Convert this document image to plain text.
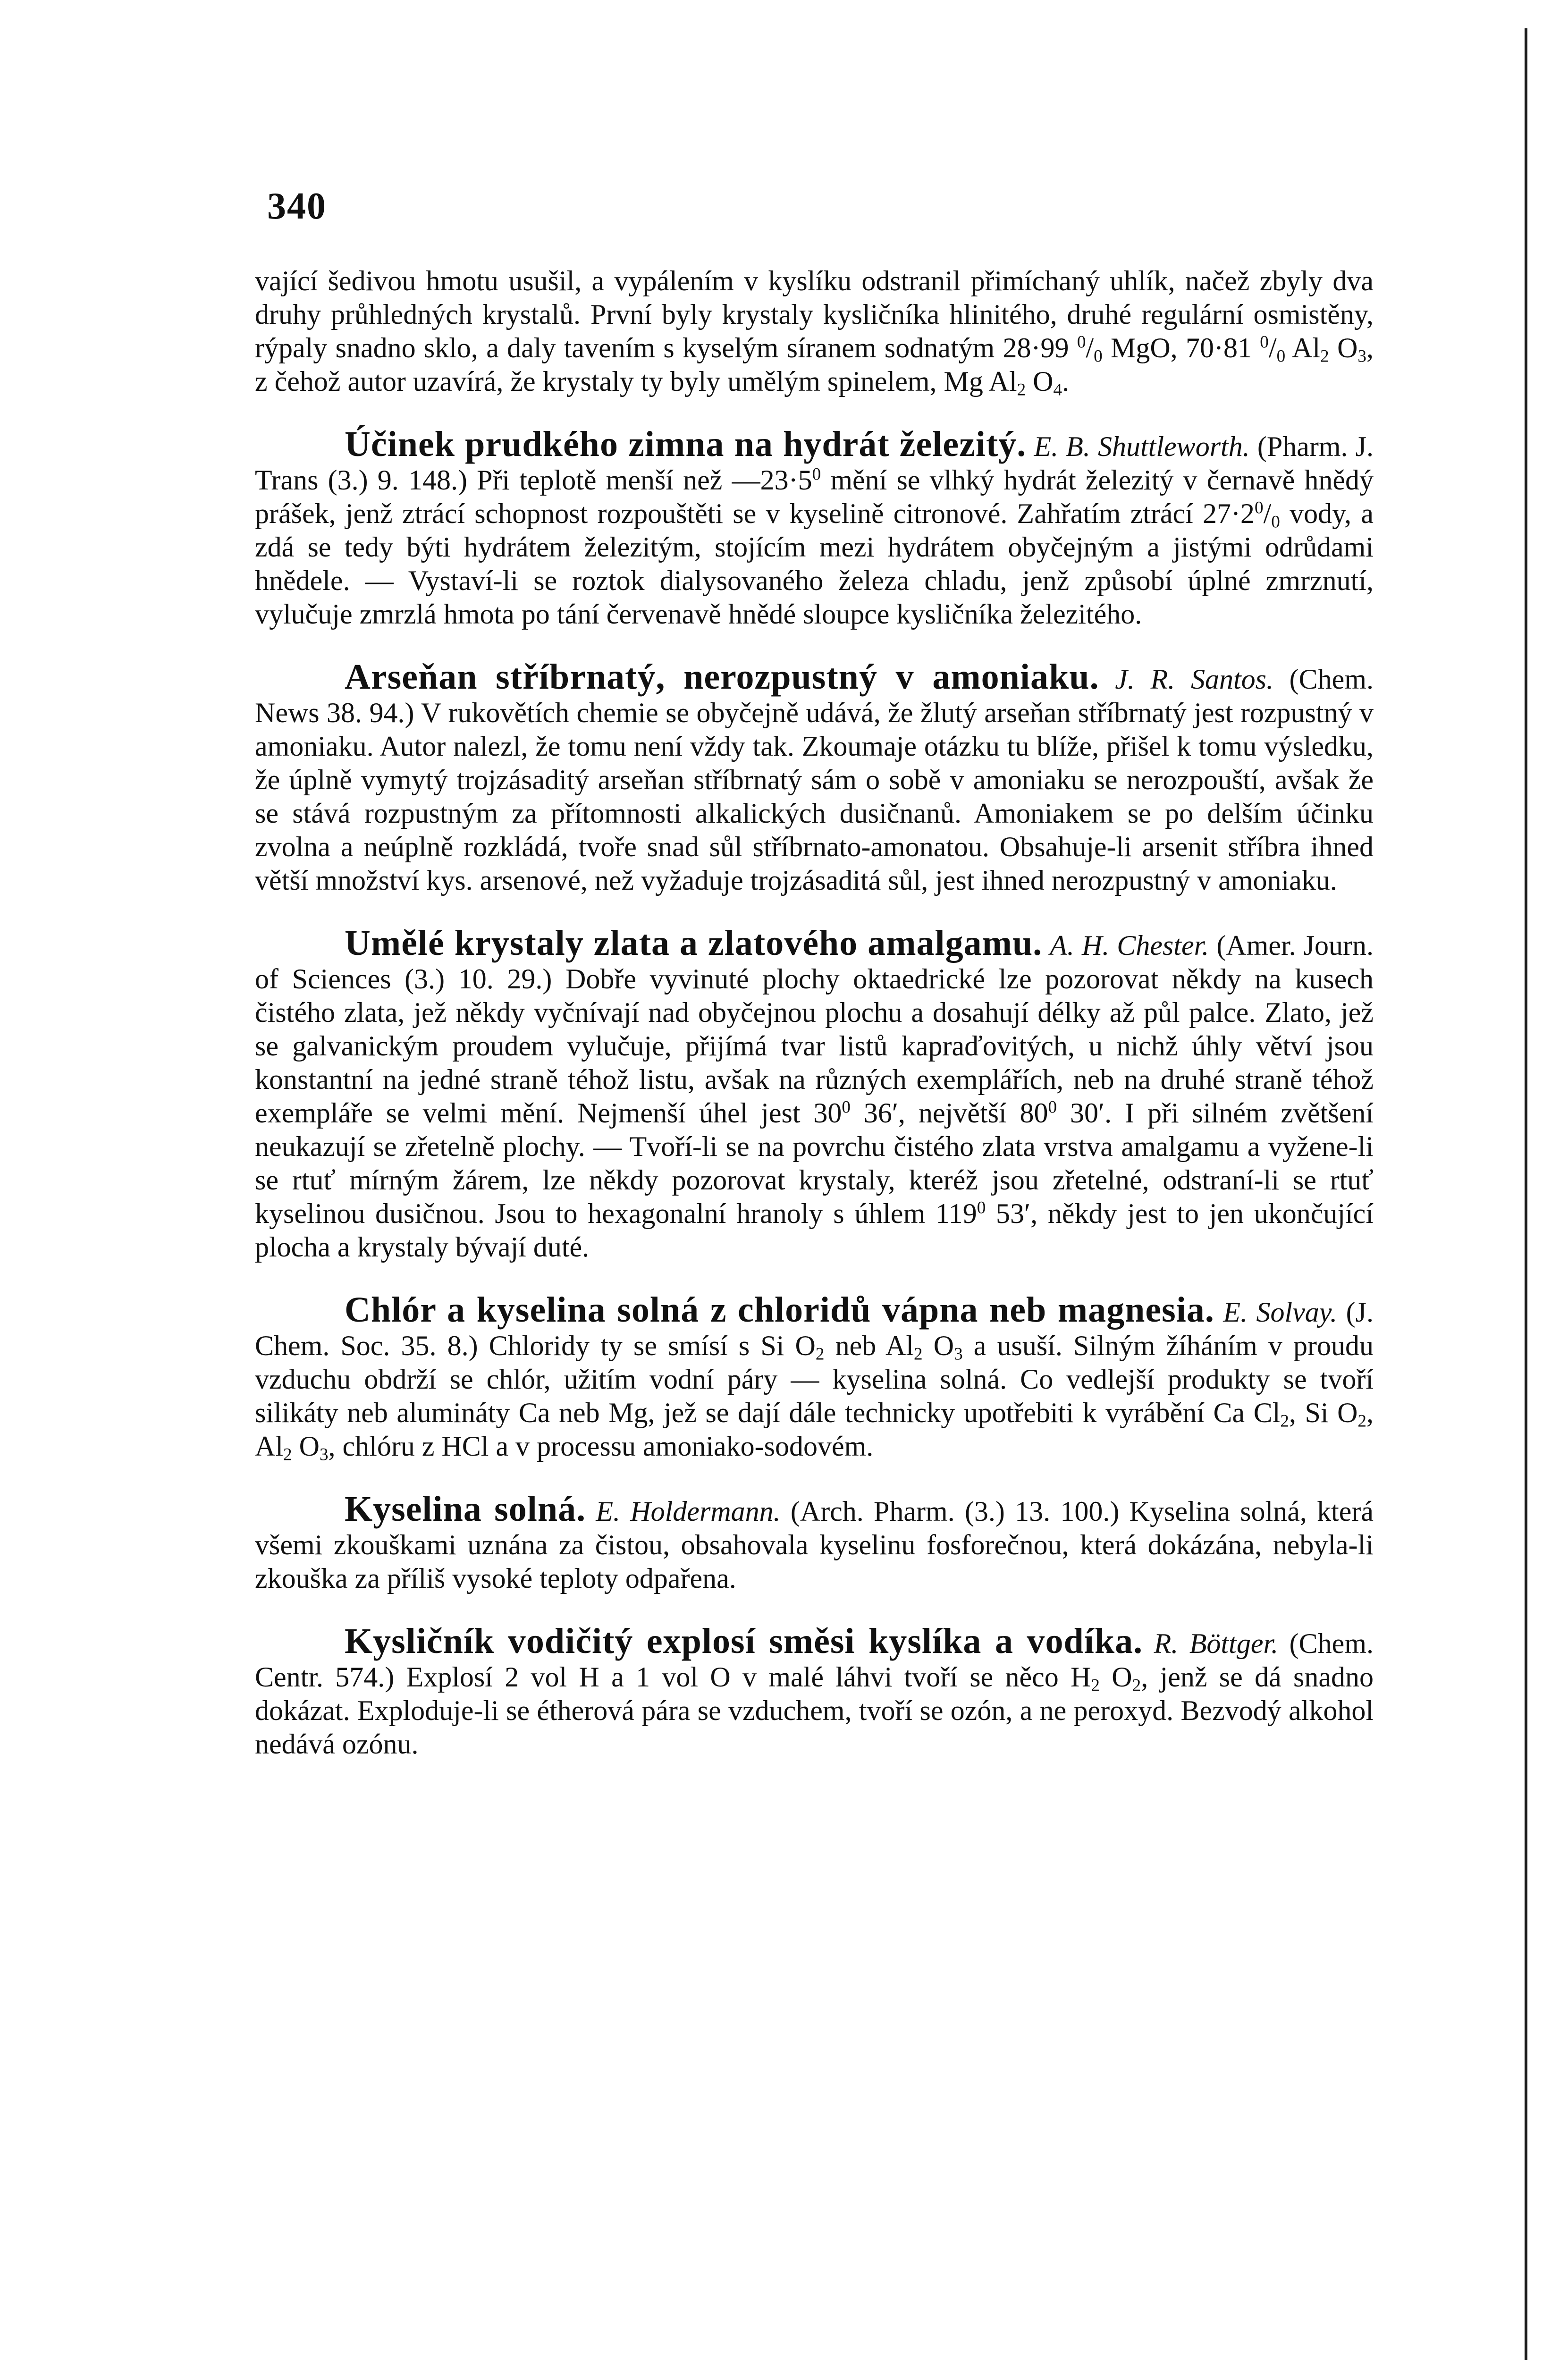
340

vající šedivou hmotu usušil, a vypálením v kyslíku odstranil přimíchaný uhlík, načež zbyly dva druhy průhledných krystalů. První byly krystaly kysličníka hlinitého, druhé regulární osmistěny, rýpaly snadno sklo, a daly tavením s kyselým síranem sodnatým 28·99 $^0/_0$ MgO, 70·81 $^0/_0$ $Al_2$ $O_3$, z čehož autor uzavírá, že krystaly ty byly umělým spinelem, Mg $Al_2$ $O_4$.

Účinek prudkého zimna na hydrát železitý. E. B. Shuttleworth. (Pharm. J. Trans (3.) 9. 148.) Při teplotě menší než $—23\cdot 5^0$ mění se vlhký hydrát železitý v černavě hnědý prášek, jenž ztrácí schopnost rozpouštěti se v kyselině citronové. Zahřatím ztrácí $27\cdot 2^0/_0$ vody, a zdá se tedy býti hydrátem železitým, stojícím mezi hydrátem obyčejným a jistými odrůdami hnědele. — Vystaví-li se roztok dialysovaného železa chladu, jenž způsobí úplné zmrznutí, vylučuje zmrzlá hmota po tání červenavě hnědé sloupce kysličníka železitého.

Arseňan stříbrnatý, nerozpustný v amoniaku. J. R. Santos. (Chem. News 38. 94.) V rukovětích chemie se obyčejně udává, že žlutý arseňan stříbrnatý jest rozpustný v amoniaku. Autor nalezl, že tomu není vždy tak. Zkoumaje otázku tu blíže, přišel k tomu výsledku, že úplně vymytý trojzásaditý arseňan stříbrnatý sám o sobě v amoniaku se nerozpouští, avšak že se stává rozpustným za přítomnosti alkalických dusičnanů. Amoniakem se po delším účinku zvolna a neúplně rozkládá, tvoře snad sůl stříbrnato-amonatou. Obsahuje-li arsenit stříbra ihned větší množství kys. arsenové, než vyžaduje trojzásaditá sůl, jest ihned nerozpustný v amoniaku.

Umělé krystaly zlata a zlatového amalgamu. A. H. Chester. (Amer. Journ. of Sciences (3.) 10. 29.) Dobře vyvinuté plochy oktaedrické lze pozorovat někdy na kusech čistého zlata, jež někdy vyčnívají nad obyčejnou plochu a dosahují délky až půl palce. Zlato, jež se galvanickým proudem vylučuje, přijímá tvar listů kapraďovitých, u nichž úhly větví jsou konstantní na jedné straně téhož listu, avšak na různých exemplářích, neb na druhé straně téhož exempláře se velmi mění. Nejmenší úhel jest $30^0$ 36′, největší $80^0$ 30′. I při silném zvětšení neukazují se zřetelně plochy. — Tvoří-li se na povrchu čistého zlata vrstva amalgamu a vyžene-li se rtuť mírným žárem, lze někdy pozorovat krystaly, kteréž jsou zřetelné, odstraní-li se rtuť kyselinou dusičnou. Jsou to hexagonalní hranoly s úhlem $119^0$ 53′, někdy jest to jen ukončující plocha a krystaly bývají duté.

Chlór a kyselina solná z chloridů vápna neb magnesia. E. Solvay. (J. Chem. Soc. 35. 8.) Chloridy ty se smísí s Si $O_2$ neb $Al_2$ $O_3$ a usuší. Silným žíháním v proudu vzduchu obdrží se chlór, užitím vodní páry — kyselina solná. Co vedlejší produkty se tvoří silikáty neb alumináty Ca neb Mg, jež se dají dále technicky upotřebiti k vyrábění Ca $Cl_2$, Si $O_2$, $Al_2$ $O_3$, chlóru z HCl a v processu amoniako-sodovém.

Kyselina solná. E. Holdermann. (Arch. Pharm. (3.) 13. 100.) Kyselina solná, která všemi zkouškami uznána za čistou, obsahovala kyselinu fosforečnou, která dokázána, nebyla-li zkouška za příliš vysoké teploty odpařena.

Kysličník vodičitý explosí směsi kyslíka a vodíka. R. Böttger. (Chem. Centr. 574.) Explosí 2 vol H a 1 vol O v malé láhvi tvoří se něco $H_2$ $O_2$, jenž se dá snadno dokázat. Exploduje-li se étherová pára se vzduchem, tvoří se ozón, a ne peroxyd. Bezvodý alkohol nedává ozónu.
